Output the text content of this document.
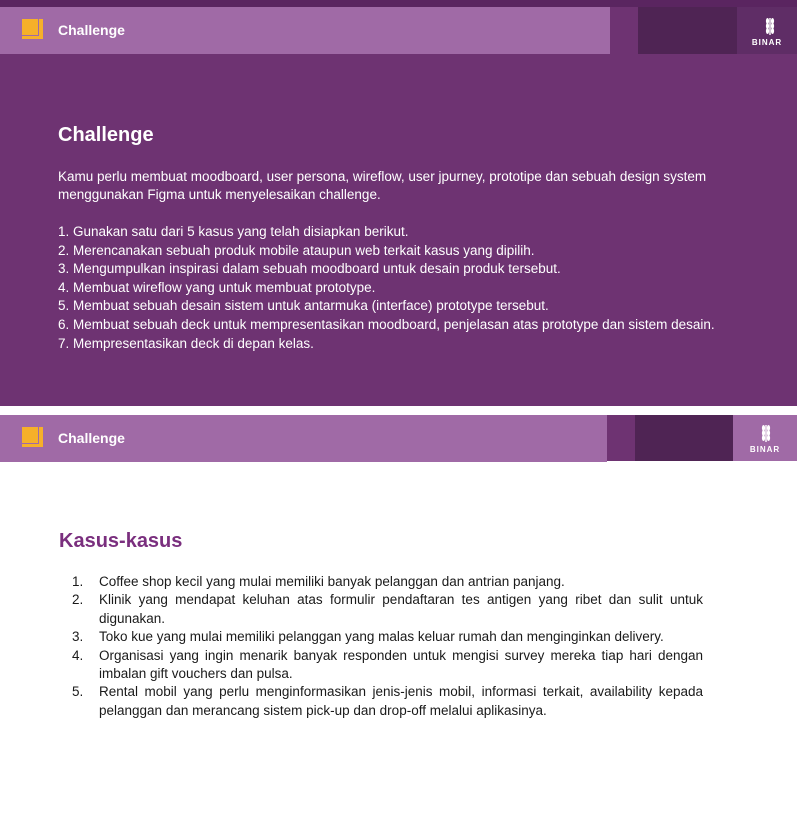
Challenge
BINAR
Challenge

Kamu perlu membuat moodboard, user persona, wireflow, user jpurney, prototipe dan sebuah design system menggunakan Figma untuk menyelesaikan challenge.

1. Gunakan satu dari 5 kasus yang telah disiapkan berikut.
2. Merencanakan sebuah produk mobile ataupun web terkait kasus yang dipilih.
3. Mengumpulkan inspirasi dalam sebuah moodboard untuk desain produk tersebut.
4. Membuat wireflow yang untuk membuat prototype.
5. Membuat sebuah desain sistem untuk antarmuka (interface) prototype tersebut.
6. Membuat sebuah deck untuk mempresentasikan moodboard, penjelasan atas prototype dan sistem desain.
7. Mempresentasikan deck di depan kelas.
Challenge
BINAR
Kasus-kasus
1.	Coffee shop kecil yang mulai memiliki banyak pelanggan dan antrian panjang.
2.	Klinik yang mendapat keluhan atas formulir pendaftaran tes antigen yang ribet dan sulit untuk digunakan.
3.	Toko kue yang mulai memiliki pelanggan yang malas keluar rumah dan menginginkan delivery.
4.	Organisasi yang ingin menarik banyak responden untuk mengisi survey mereka tiap hari dengan imbalan gift vouchers dan pulsa.
5.	Rental mobil yang perlu menginformasikan jenis-jenis mobil, informasi terkait, availability kepada pelanggan dan merancang sistem pick-up dan drop-off melalui aplikasinya.
